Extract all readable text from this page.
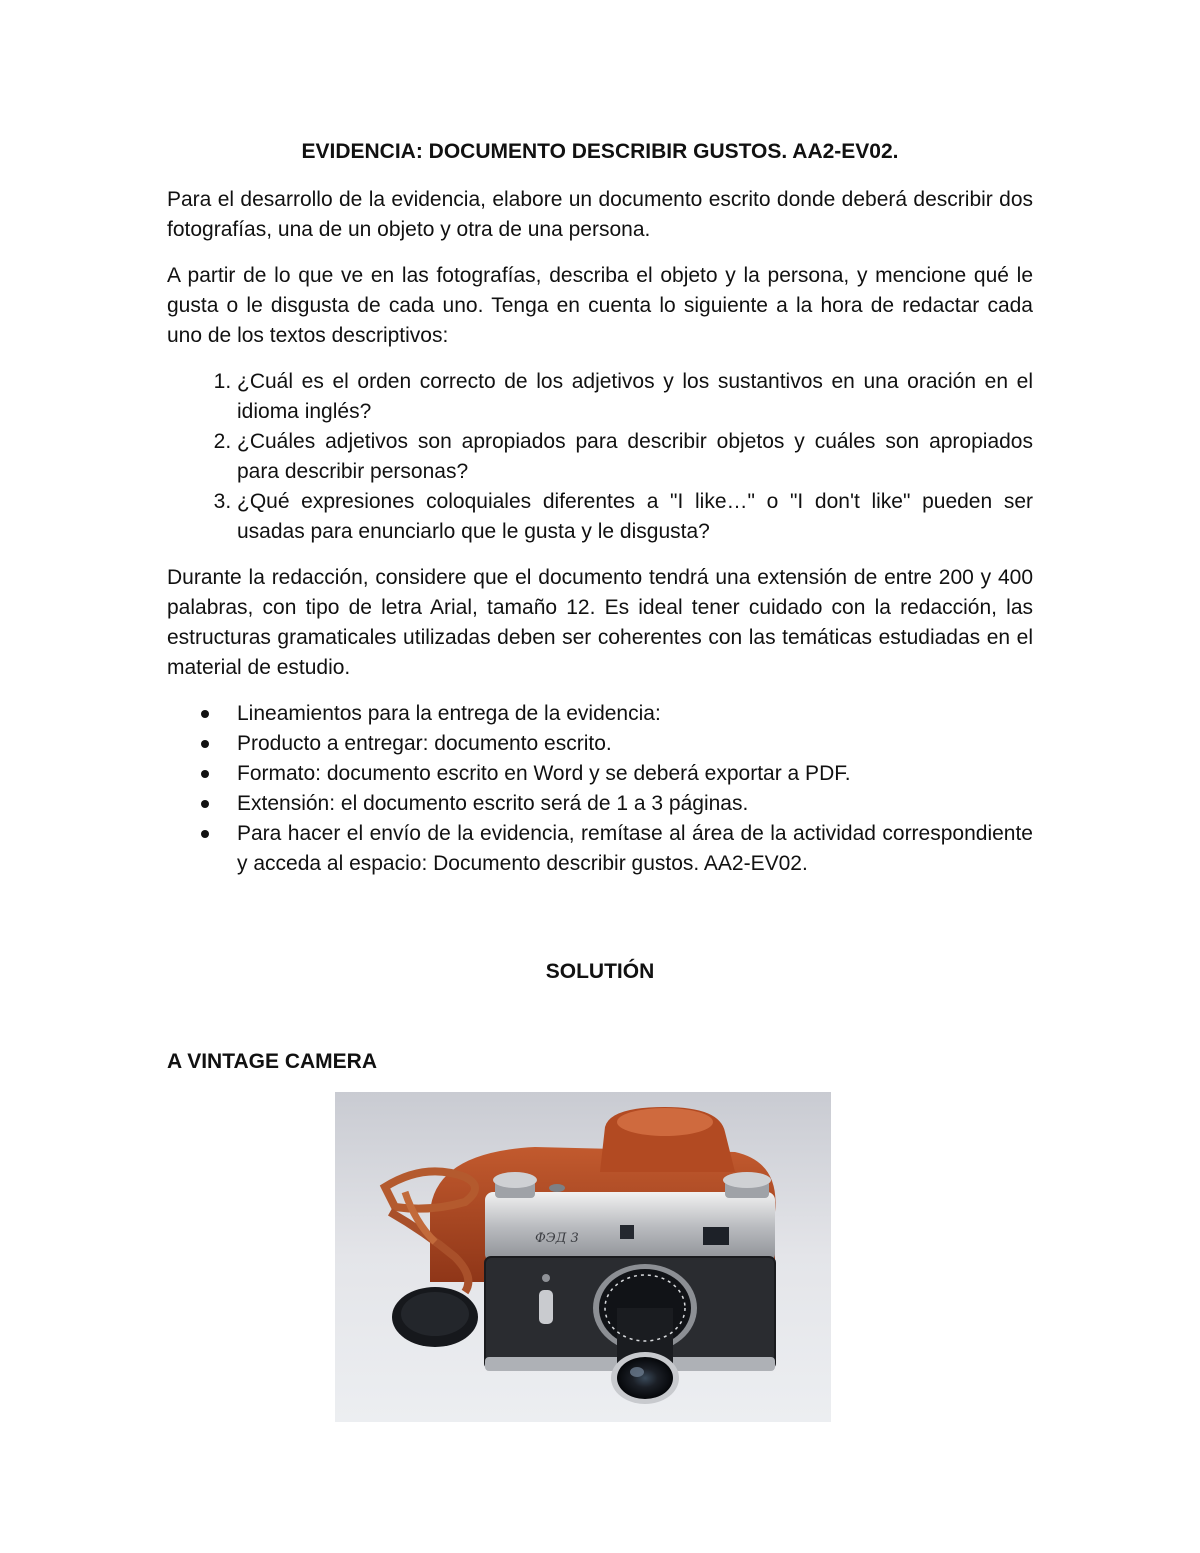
EVIDENCIA: DOCUMENTO DESCRIBIR GUSTOS. AA2-EV02.

Para el desarrollo de la evidencia, elabore un documento escrito donde deberá describir dos fotografías, una de un objeto y otra de una persona.

A partir de lo que ve en las fotografías, describa el objeto y la persona, y mencione qué le gusta o le disgusta de cada uno. Tenga en cuenta lo siguiente a la hora de redactar cada uno de los textos descriptivos:

1. ¿Cuál es el orden correcto de los adjetivos y los sustantivos en una oración en el idioma inglés?
2. ¿Cuáles adjetivos son apropiados para describir objetos y cuáles son apropiados para describir personas?
3. ¿Qué expresiones coloquiales diferentes a "I like…" o "I don't like" pueden ser usadas para enunciarlo que le gusta y le disgusta?

Durante la redacción, considere que el documento tendrá una extensión de entre 200 y 400 palabras, con tipo de letra Arial, tamaño 12. Es ideal tener cuidado con la redacción, las estructuras gramaticales utilizadas deben ser coherentes con las temáticas estudiadas en el material de estudio.

Lineamientos para la entrega de la evidencia:
Producto a entregar: documento escrito.
Formato: documento escrito en Word y se deberá exportar a PDF.
Extensión: el documento escrito será de 1 a 3 páginas.
Para hacer el envío de la evidencia, remítase al área de la actividad correspondiente y acceda al espacio: Documento describir gustos. AA2-EV02.
SOLUTIÓN
A VINTAGE CAMERA
ФЭД 3
